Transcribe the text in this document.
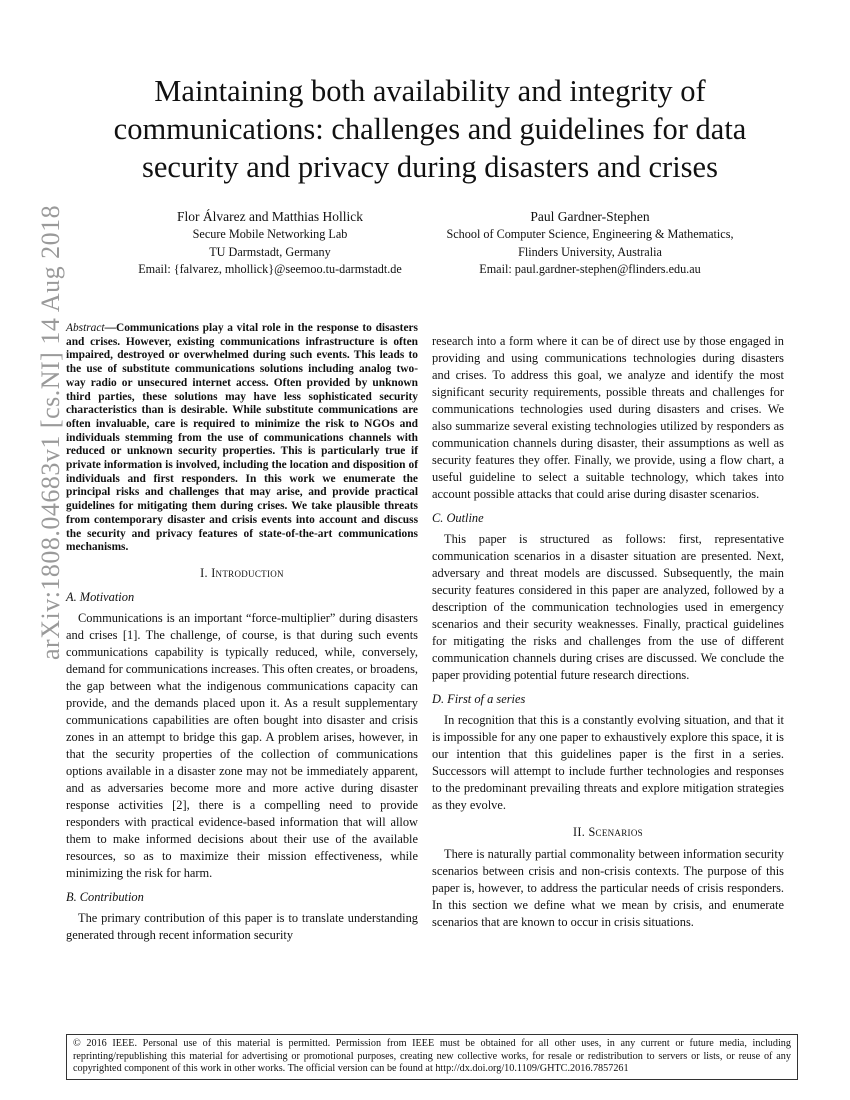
arXiv:1808.04683v1 [cs.NI] 14 Aug 2018
Maintaining both availability and integrity of communications: challenges and guidelines for data security and privacy during disasters and crises
Flor Álvarez and Matthias Hollick
Secure Mobile Networking Lab
TU Darmstadt, Germany
Email: {falvarez, mhollick}@seemoo.tu-darmstadt.de
Paul Gardner-Stephen
School of Computer Science, Engineering & Mathematics,
Flinders University, Australia
Email: paul.gardner-stephen@flinders.edu.au
Abstract—Communications play a vital role in the response to disasters and crises. However, existing communications infrastructure is often impaired, destroyed or overwhelmed during such events. This leads to the use of substitute communications solutions including analog two-way radio or unsecured internet access. Often provided by unknown third parties, these solutions may have less sophisticated security characteristics than is desirable. While substitute communications are often invaluable, care is required to minimize the risk to NGOs and individuals stemming from the use of communications channels with reduced or unknown security properties. This is particularly true if private information is involved, including the location and disposition of individuals and first responders. In this work we enumerate the principal risks and challenges that may arise, and provide practical guidelines for mitigating them during crises. We take plausible threats from contemporary disaster and crisis events into account and discuss the security and privacy features of state-of-the-art communications mechanisms.
I. Introduction
A. Motivation

Communications is an important “force-multiplier” during disasters and crises [1]. The challenge, of course, is that during such events communications capability is typically reduced, while, conversely, demand for communications increases. This often creates, or broadens, the gap between what the indigenous communications capacity can provide, and the demands placed upon it. As a result supplementary communications capabilities are often bought into disaster and crisis zones in an attempt to bridge this gap. A problem arises, however, in that the security properties of the collection of communications options available in a disaster zone may not be immediately apparent, and as adversaries become more and more active during disaster response activities [2], there is a compelling need to provide responders with practical evidence-based information that will allow them to make informed decisions about their use of the available resources, so as to maximize their mission effectiveness, while minimizing the risk for harm.

B. Contribution

The primary contribution of this paper is to translate understanding generated through recent information security

research into a form where it can be of direct use by those engaged in providing and using communications technologies during disasters and crises. To address this goal, we analyze and identify the most significant security requirements, possible threats and challenges for communications technologies used during disasters and crises. We also summarize several existing technologies utilized by responders as communication channels during disaster, their assumptions as well as security features they offer. Finally, we provide, using a flow chart, a useful guideline to select a suitable technology, which takes into account possible attacks that could arise during disaster scenarios.

C. Outline

This paper is structured as follows: first, representative communication scenarios in a disaster situation are presented. Next, adversary and threat models are discussed. Subsequently, the main security features considered in this paper are analyzed, followed by a description of the communication technologies used in emergency scenarios and their security weaknesses. Finally, practical guidelines for mitigating the risks and challenges from the use of different communication channels during crises are discussed. We conclude the paper providing potential future research directions.

D. First of a series

In recognition that this is a constantly evolving situation, and that it is impossible for any one paper to exhaustively explore this space, it is our intention that this guidelines paper is the first in a series. Successors will attempt to include further technologies and responses to the predominant prevailing threats and explore mitigation strategies as they evolve.

II. Scenarios

There is naturally partial commonality between information security scenarios between crisis and non-crisis contexts. The purpose of this paper is, however, to address the particular needs of crisis responders. In this section we define what we mean by crisis, and enumerate scenarios that are known to occur in crisis situations.

© 2016 IEEE. Personal use of this material is permitted. Permission from IEEE must be obtained for all other uses, in any current or future media, including reprinting/republishing this material for advertising or promotional purposes, creating new collective works, for resale or redistribution to servers or lists, or reuse of any copyrighted component of this work in other works. The official version can be found at http://dx.doi.org/10.1109/GHTC.2016.7857261
